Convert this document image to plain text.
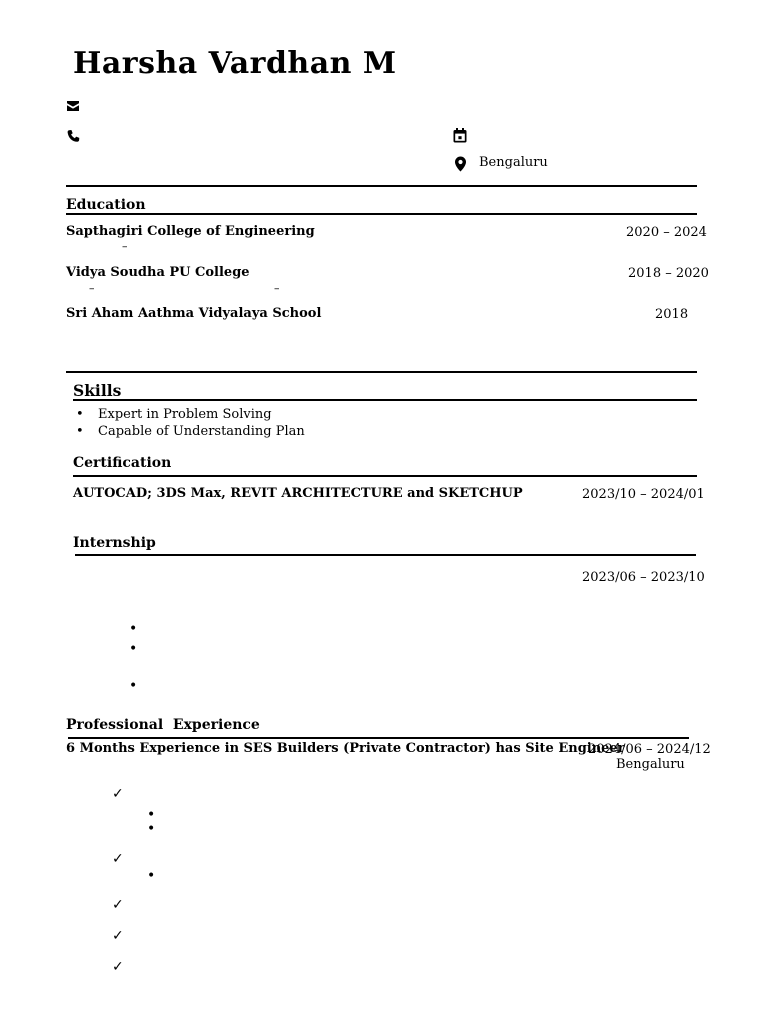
Harsha Vardhan M
Bengaluru
Education
Sapthagiri College of Engineering	2020 – 2024
–
Vidya Soudha PU College	2018 – 2020
–	–
Sri Aham Aathma Vidyalaya School	2018
Skills
• Expert in Problem Solving
• Capable of Understanding Plan
Certification
AUTOCAD; 3DS Max, REVIT ARCHITECTURE and SKETCHUP	2023/10 – 2024/01
Internship
2023/06 – 2023/10
•
•
•
Professional  Experience
6 Months Experience in SES Builders (Private Contractor) has Site Engineer
2024/06 – 2024/12
Bengaluru
✓
•
•
✓
•
✓
✓
✓
